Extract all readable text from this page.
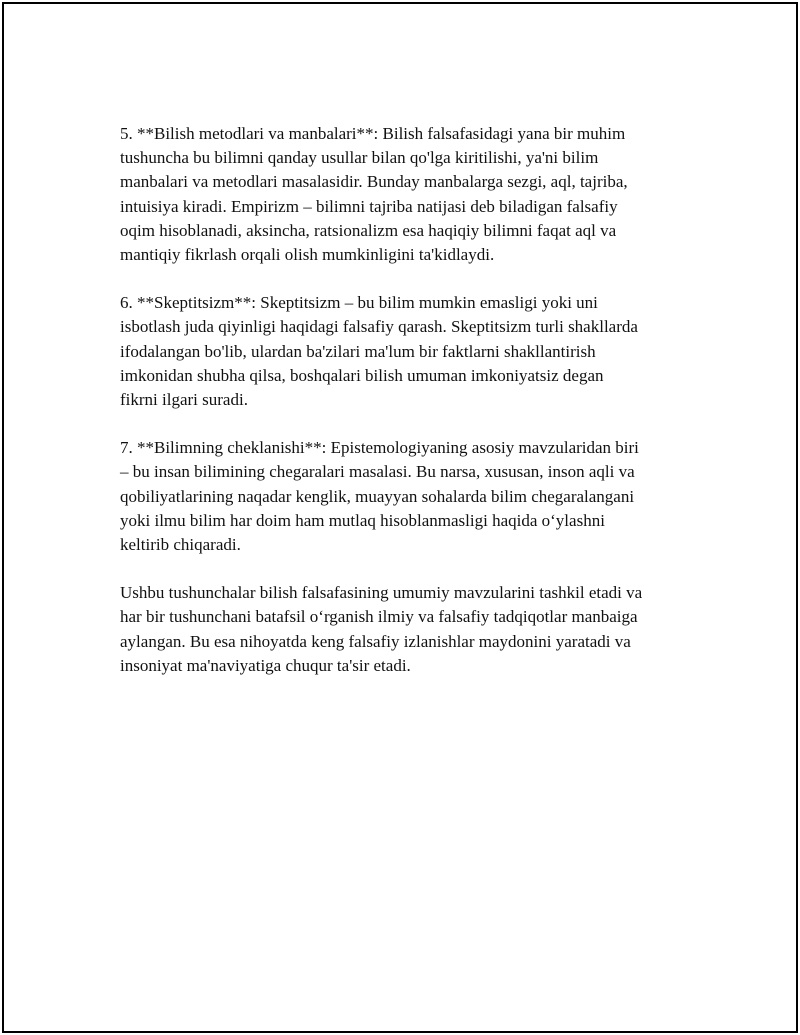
5. **Bilish metodlari va manbalari**: Bilish falsafasidagi yana bir muhim
tushuncha bu bilimni qanday usullar bilan qo'lga kiritilishi, ya'ni bilim
manbalari va metodlari masalasidir. Bunday manbalarga sezgi, aql, tajriba,
intuisiya kiradi. Empirizm – bilimni tajriba natijasi deb biladigan falsafiy
oqim hisoblanadi, aksincha, ratsionalizm esa haqiqiy bilimni faqat aql va
mantiqiy fikrlash orqali olish mumkinligini ta'kidlaydi.
6. **Skeptitsizm**: Skeptitsizm – bu bilim mumkin emasligi yoki uni
isbotlash juda qiyinligi haqidagi falsafiy qarash. Skeptitsizm turli shakllarda
ifodalangan bo'lib, ulardan ba'zilari ma'lum bir faktlarni shakllantirish
imkonidan shubha qilsa, boshqalari bilish umuman imkoniyatsiz degan
fikrni ilgari suradi.
7. **Bilimning cheklanishi**: Epistemologiyaning asosiy mavzularidan biri
– bu insan bilimining chegaralari masalasi. Bu narsa, xususan, inson aqli va
qobiliyatlarining naqadar kenglik, muayyan sohalarda bilim chegaralangani
yoki ilmu bilim har doim ham mutlaq hisoblanmasligi haqida o‘ylashni
keltirib chiqaradi.
Ushbu tushunchalar bilish falsafasining umumiy mavzularini tashkil etadi va
har bir tushunchani batafsil o‘rganish ilmiy va falsafiy tadqiqotlar manbaiga
aylangan. Bu esa nihoyatda keng falsafiy izlanishlar maydonini yaratadi va
insoniyat ma'naviyatiga chuqur ta'sir etadi.
